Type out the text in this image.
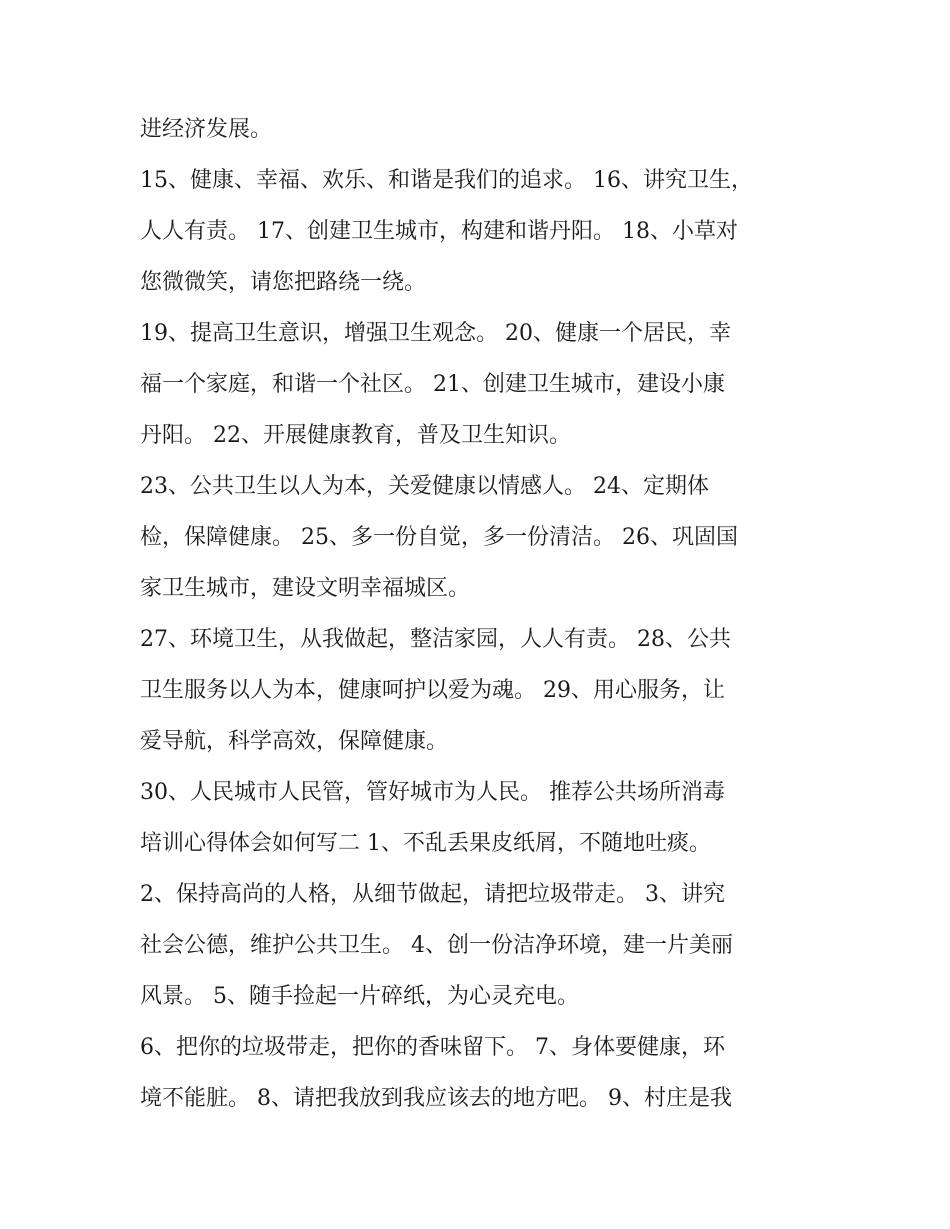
进经济发展。
15、健康、幸福、欢乐、和谐是我们的追求。 16、讲究卫生，
人人有责。 17、创建卫生城市，构建和谐丹阳。 18、小草对
您微微笑，请您把路绕一绕。
19、提高卫生意识，增强卫生观念。 20、健康一个居民，幸
福一个家庭，和谐一个社区。 21、创建卫生城市，建设小康
丹阳。 22、开展健康教育，普及卫生知识。
23、公共卫生以人为本，关爱健康以情感人。 24、定期体
检，保障健康。 25、多一份自觉，多一份清洁。 26、巩固国
家卫生城市，建设文明幸福城区。
27、环境卫生，从我做起，整洁家园，人人有责。 28、公共
卫生服务以人为本，健康呵护以爱为魂。 29、用心服务，让
爱导航，科学高效，保障健康。
30、人民城市人民管，管好城市为人民。 推荐公共场所消毒
培训心得体会如何写二 1、不乱丢果皮纸屑，不随地吐痰。
2、保持高尚的人格，从细节做起，请把垃圾带走。 3、讲究
社会公德，维护公共卫生。 4、创一份洁净环境，建一片美丽
风景。 5、随手捡起一片碎纸，为心灵充电。
6、把你的垃圾带走，把你的香味留下。 7、身体要健康，环
境不能脏。 8、请把我放到我应该去的地方吧。 9、村庄是我
